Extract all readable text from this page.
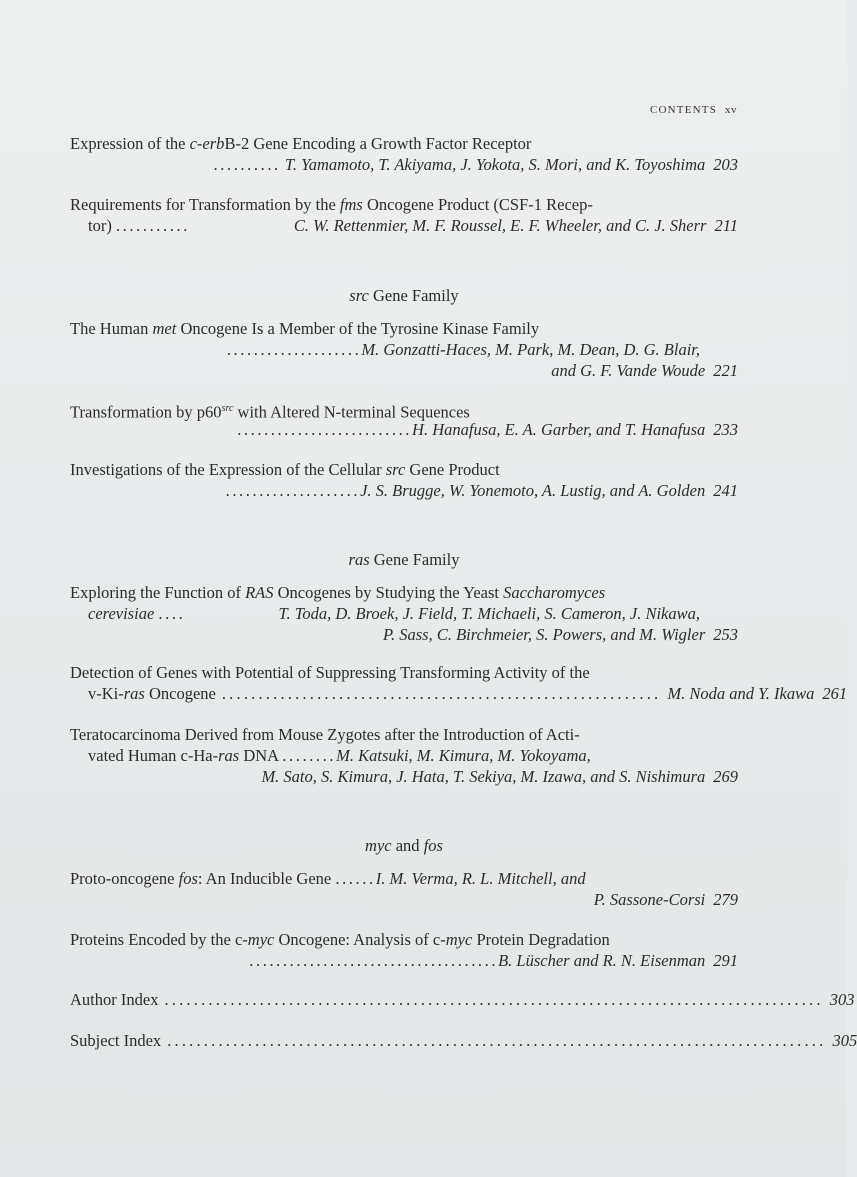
CONTENTS xv
Expression of the c-erbB-2 Gene Encoding a Growth Factor Receptor
.......... T. Yamamoto, T. Akiyama, J. Yokota, S. Mori, and K. Toyoshima 203
Requirements for Transformation by the fms Oncogene Product (CSF-1 Recep-
tor) ...........	C. W. Rettenmier, M. F. Roussel, E. F. Wheeler, and C. J. Sherr 211
src Gene Family
The Human met Oncogene Is a Member of the Tyrosine Kinase Family
....................M. Gonzatti-Haces, M. Park, M. Dean, D. G. Blair,
and G. F. Vande Woude 221
Transformation by $p60^{src}$ with Altered N-terminal Sequences
..........................H. Hanafusa, E. A. Garber, and T. Hanafusa 233
Investigations of the Expression of the Cellular src Gene Product
....................J. S. Brugge, W. Yonemoto, A. Lustig, and A. Golden 241
ras Gene Family
Exploring the Function of RAS Oncogenes by Studying the Yeast Saccharomyces
cerevisiae ....	T. Toda, D. Broek, J. Field, T. Michaeli, S. Cameron, J. Nikawa,
P. Sass, C. Birchmeier, S. Powers, and M. Wigler 253
Detection of Genes with Potential of Suppressing Transforming Activity of the
v-Ki-ras Oncogene ............................................................ M. Noda and Y. Ikawa 261
Teratocarcinoma Derived from Mouse Zygotes after the Introduction of Acti-
vated Human c-Ha-ras DNA ........M. Katsuki, M. Kimura, M. Yokoyama,
M. Sato, S. Kimura, J. Hata, T. Sekiya, M. Izawa, and S. Nishimura 269
myc and fos
Proto-oncogene fos: An Inducible Gene ......I. M. Verma, R. L. Mitchell, and
P. Sassone-Corsi 279
Proteins Encoded by the c-myc Oncogene: Analysis of c-myc Protein Degradation
.....................................B. Lüscher and R. N. Eisenman 291
Author Index .......................................................................................... 303
Subject Index .......................................................................................... 305
